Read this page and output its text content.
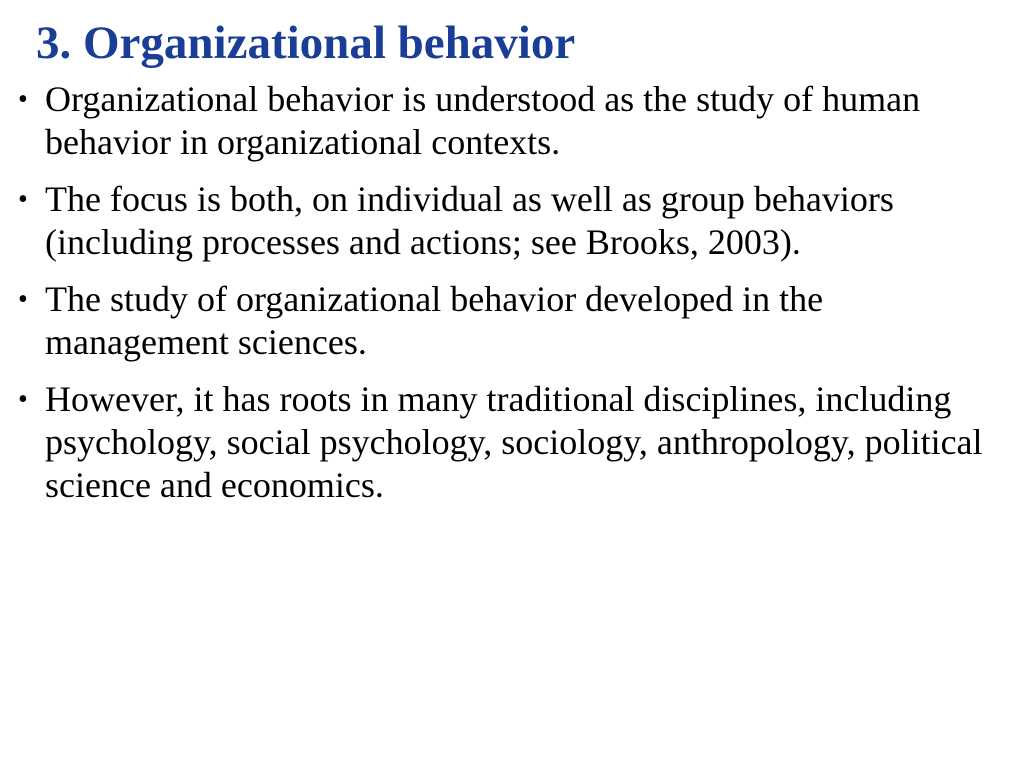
3. Organizational behavior
• Organizational behavior is understood as the study of human behavior in organizational contexts.
• The focus is both, on individual as well as group behaviors (including processes and actions; see Brooks, 2003).
• The study of organizational behavior developed in the management sciences.
• However, it has roots in many traditional disciplines, including psychology, social psychology, sociology, anthropology, political science and economics.
